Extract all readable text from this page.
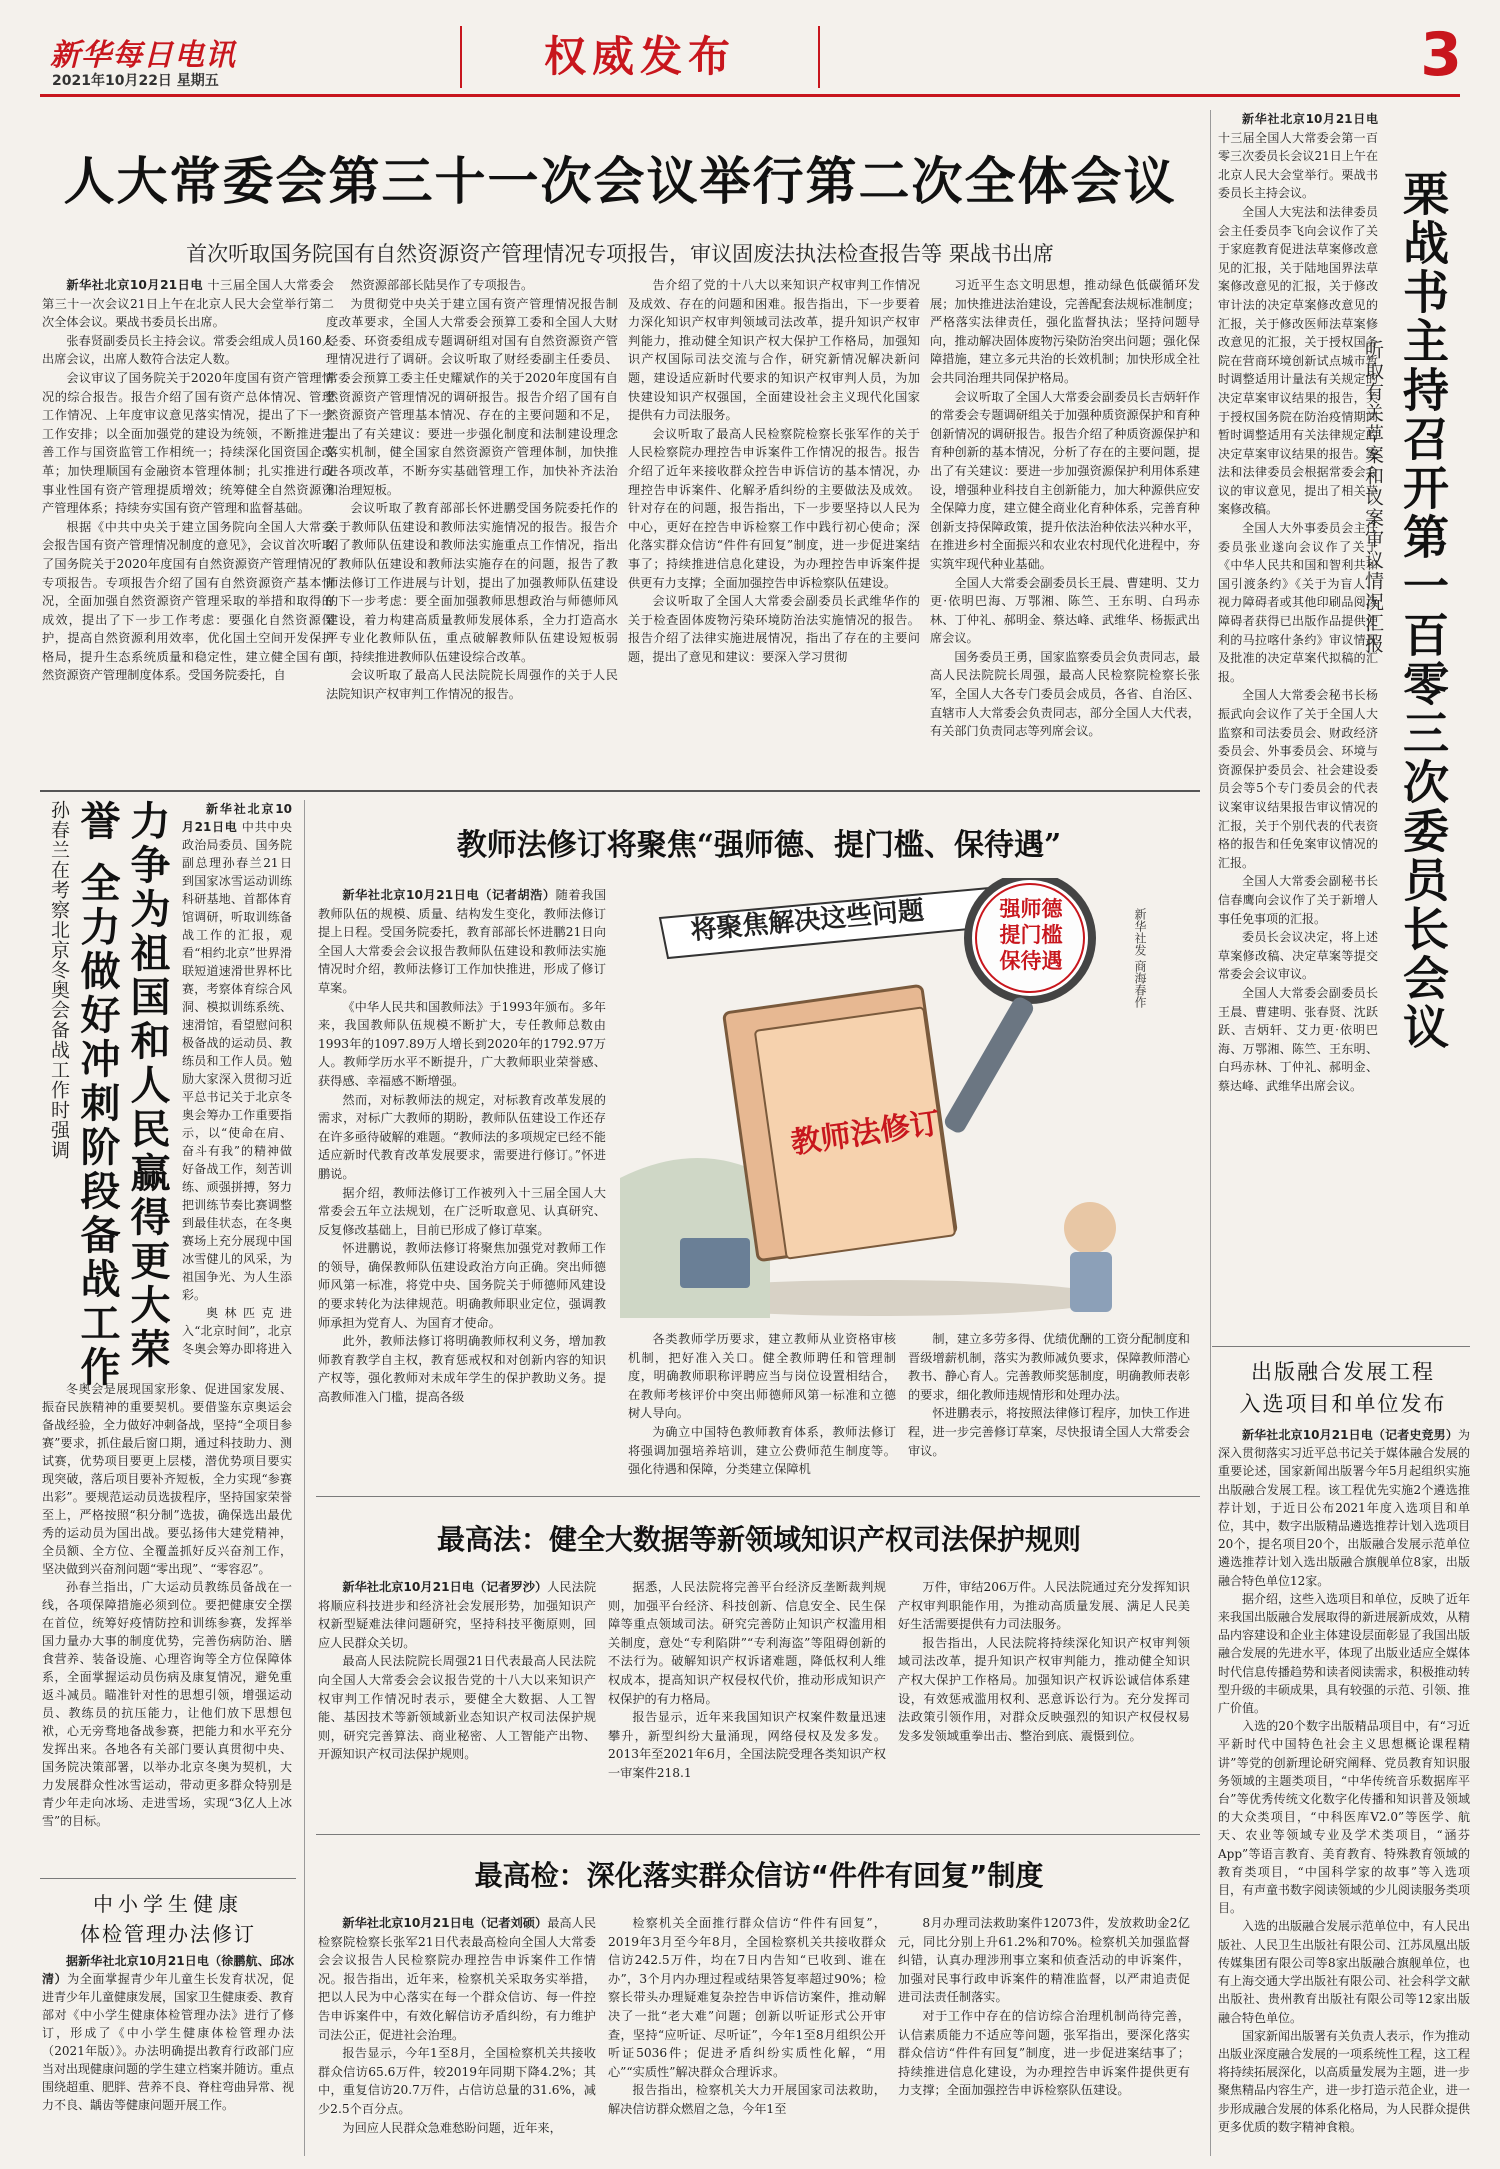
新华每日电讯
2021年10月22日 星期五	权威发布	3
人大常委会第三十一次会议举行第二次全体会议
首次听取国务院国有自然资源资产管理情况专项报告，审议固废法执法检查报告等 栗战书出席

新华社北京10月21日电 十三届全国人大常委会第三十一次会议21日上午在北京人民大会堂举行第二次全体会议。栗战书委员长出席。

张春贤副委员长主持会议。常委会组成人员160人出席会议，出席人数符合法定人数。

会议审议了国务院关于2020年度国有资产管理情况的综合报告。报告介绍了国有资产总体情况、管理工作情况、上年度审议意见落实情况，提出了下一步工作安排；以全面加强党的建设为统领，不断推进完善工作与国资监管工作相统一；持续深化国资国企改革；加快理顺国有金融资本管理体制；扎实推进行政事业性国有资产管理提质增效；统筹健全自然资源资产管理体系；持续夯实国有资产管理和监督基础。

根据《中共中央关于建立国务院向全国人大常委会报告国有资产管理情况制度的意见》，会议首次听取了国务院关于2020年度国有自然资源资产管理情况的专项报告。专项报告介绍了国有自然资源资产基本情况，全面加强自然资源资产管理采取的举措和取得的成效，提出了下一步工作考虑：要强化自然资源保护，提高自然资源利用效率，优化国土空间开发保护格局，提升生态系统质量和稳定性，建立健全国有自然资源资产管理制度体系。受国务院委托，自

然资源部部长陆昊作了专项报告。

为贯彻党中央关于建立国有资产管理情况报告制度改革要求，全国人大常委会预算工委和全国人大财经委、环资委组成专题调研组对国有自然资源资产管理情况进行了调研。会议听取了财经委副主任委员、常委会预算工委主任史耀斌作的关于2020年度国有自然资源资产管理情况的调研报告。报告介绍了国有自然资源资产管理基本情况、存在的主要问题和不足，提出了有关建议：要进一步强化制度和法制建设理念落实机制，健全国家自然资源资产管理体制，加快推进各项改革，不断夯实基础管理工作，加快补齐法治和治理短板。

会议听取了教育部部长怀进鹏受国务院委托作的关于教师队伍建设和教师法实施情况的报告。报告介绍了教师队伍建设和教师法实施重点工作情况，指出了教师队伍建设和教师法实施存在的问题，报告了教师法修订工作进展与计划，提出了加强教师队伍建设的下一步考虑：要全面加强教师思想政治与师德师风建设，着力构建高质量教师发展体系，全力打造高水平专业化教师队伍，重点破解教师队伍建设短板弱项，持续推进教师队伍建设综合改革。

会议听取了最高人民法院院长周强作的关于人民法院知识产权审判工作情况的报告。

告介绍了党的十八大以来知识产权审判工作情况及成效、存在的问题和困难。报告指出，下一步要着力深化知识产权审判领域司法改革，提升知识产权审判能力，推动健全知识产权大保护工作格局，加强知识产权国际司法交流与合作，研究新情况解决新问题，建设适应新时代要求的知识产权审判人员，为加快建设知识产权强国，全面建设社会主义现代化国家提供有力司法服务。

会议听取了最高人民检察院检察长张军作的关于人民检察院办理控告申诉案件工作情况的报告。报告介绍了近年来接收群众控告申诉信访的基本情况，办理控告申诉案件、化解矛盾纠纷的主要做法及成效。针对存在的问题，报告指出，下一步要坚持以人民为中心，更好在控告申诉检察工作中践行初心使命；深化落实群众信访“件件有回复”制度，进一步促进案结事了；持续推进信息化建设，为办理控告申诉案件提供更有力支撑；全面加强控告申诉检察队伍建设。

会议听取了全国人大常委会副委员长武维华作的关于检查固体废物污染环境防治法实施情况的报告。报告介绍了法律实施进展情况，指出了存在的主要问题，提出了意见和建议：要深入学习贯彻

习近平生态文明思想，推动绿色低碳循环发展；加快推进法治建设，完善配套法规标准制度；严格落实法律责任，强化监督执法；坚持问题导向，推动解决固体废物污染防治突出问题；强化保障措施，建立多元共治的长效机制；加快形成全社会共同治理共同保护格局。

会议听取了全国人大常委会副委员长吉炳轩作的常委会专题调研组关于加强种质资源保护和育种创新情况的调研报告。报告介绍了种质资源保护和育种创新的基本情况，分析了存在的主要问题，提出了有关建议：要进一步加强资源保护利用体系建设，增强种业科技自主创新能力，加大种源供应安全保障力度，建立健全商业化育种体系，完善育种创新支持保障政策，提升依法治种依法兴种水平，在推进乡村全面振兴和农业农村现代化进程中，夯实筑牢现代种业基础。

全国人大常委会副委员长王晨、曹建明、艾力更·依明巴海、万鄂湘、陈竺、王东明、白玛赤林、丁仲礼、郝明金、蔡达峰、武维华、杨振武出席会议。

国务委员王勇，国家监察委员会负责同志，最高人民法院院长周强，最高人民检察院检察长张军，全国人大各专门委员会成员，各省、自治区、直辖市人大常委会负责同志，部分全国人大代表，有关部门负责同志等列席会议。

新华社北京10月21日电 十三届全国人大常委会第一百零三次委员长会议21日上午在北京人民大会堂举行。栗战书委员长主持会议。

全国人大宪法和法律委员会主任委员李飞向会议作了关于家庭教育促进法草案修改意见的汇报，关于陆地国界法草案修改意见的汇报，关于修改审计法的决定草案修改意见的汇报，关于修改医师法草案修改意见的汇报，关于授权国务院在营商环境创新试点城市暂时调整适用计量法有关规定的决定草案审议结果的报告，关于授权国务院在防治疫情期间暂时调整适用有关法律规定的决定草案审议结果的报告。宪法和法律委员会根据常委会会议的审议意见，提出了相关草案修改稿。

全国人大外事委员会主任委员张业遂向会议作了关于《中华人民共和国和智利共和国引渡条约》《关于为盲人、视力障碍者或其他印刷品阅读障碍者获得已出版作品提供便利的马拉喀什条约》审议情况及批准的决定草案代拟稿的汇报。

全国人大常委会秘书长杨振武向会议作了关于全国人大监察和司法委员会、财政经济委员会、外事委员会、环境与资源保护委员会、社会建设委员会等5个专门委员会的代表议案审议结果报告审议情况的汇报，关于个别代表的代表资格的报告和任免案审议情况的汇报。

全国人大常委会副秘书长信春鹰向会议作了关于新增人事任免事项的汇报。

委员长会议决定，将上述草案修改稿、决定草案等提交常委会会议审议。

全国人大常委会副委员长王晨、曹建明、张春贤、沈跃跃、吉炳轩、艾力更·依明巴海、万鄂湘、陈竺、王东明、白玛赤林、丁仲礼、郝明金、蔡达峰、武维华出席会议。

栗战书主持召开第一百零三次委员长会议
听取有关草案和议案审议情况汇报
孙春兰在考察北京冬奥会备战工作时强调	力争为祖国和人民赢得更大荣誉 全力做好冲刺阶段备战工作	新华社北京10月21日电 中共中央政治局委员、国务院副总理孙春兰21日到国家冰雪运动训练科研基地、首都体育馆调研，听取训练备战工作的汇报，观看“相约北京”世界滑联短道速滑世界杯比赛，考察体育综合风洞、模拟训练系统、速滑馆，看望慰问积极备战的运动员、教练员和工作人员。勉励大家深入贯彻习近平总书记关于北京冬奥会筹办工作重要指示，以“使命在肩、奋斗有我”的精神做好备战工作，刻苦训练、顽强拼搏，努力把训练节奏比赛调整到最佳状态，在冬奥赛场上充分展现中国冰雪健儿的风采，为祖国争光、为人生添彩。

奥林匹克进入“北京时间”，北京冬奥会筹办即将进入

冬奥会是展现国家形象、促进国家发展、振奋民族精神的重要契机。要借鉴东京奥运会备战经验，全力做好冲刺备战，坚持“全项目参赛”要求，抓住最后窗口期，通过科技助力、测试赛，优势项目要更上层楼，潜优势项目要实现突破，落后项目要补齐短板，全力实现“参赛出彩”。要规范运动员选拔程序，坚持国家荣誉至上，严格按照“积分制”选拔，确保选出最优秀的运动员为国出战。要弘扬伟大建党精神，全员额、全方位、全覆盖抓好反兴奋剂工作，坚决做到兴奋剂问题“零出现”、“零容忍”。

孙春兰指出，广大运动员教练员备战在一线，各项保障措施必须到位。要把健康安全摆在首位，统筹好疫情防控和训练参赛，发挥举国力量办大事的制度优势，完善伤病防治、膳食营养、装备设施、心理咨询等全方位保障体系，全面掌握运动员伤病及康复情况，避免重返斗减员。瞄准针对性的思想引领，增强运动员、教练员的抗压能力，让他们放下思想包袱，心无旁骛地备战参赛，把能力和水平充分发挥出来。各地各有关部门要认真贯彻中央、国务院决策部署，以举办北京冬奥为契机，大力发展群众性冰雪运动，带动更多群众特别是青少年走向冰场、走进雪场，实现“3亿人上冰雪”的目标。

中小学生健康
体检管理办法修订

据新华社北京10月21日电（徐鹏航、邱冰清）为全面掌握青少年儿童生长发育状况，促进青少年儿童健康发展，国家卫生健康委、教育部对《中小学生健康体检管理办法》进行了修订，形成了《中小学生健康体检管理办法（2021年版）》。办法明确提出教育行政部门应当对出现健康问题的学生建立档案并随访。重点围绕超重、肥胖、营养不良、脊柱弯曲异常、视力不良、龋齿等健康问题开展工作。

教师法修订将聚焦“强师德、提门槛、保待遇”

新华社北京10月21日电（记者胡浩）随着我国教师队伍的规模、质量、结构发生变化，教师法修订提上日程。受国务院委托，教育部部长怀进鹏21日向全国人大常委会会议报告教师队伍建设和教师法实施情况时介绍，教师法修订工作加快推进，形成了修订草案。

《中华人民共和国教师法》于1993年颁布。多年来，我国教师队伍规模不断扩大，专任教师总数由1993年的1097.89万人增长到2020年的1792.97万人。教师学历水平不断提升，广大教师职业荣誉感、获得感、幸福感不断增强。

然而，对标教师法的规定，对标教育改革发展的需求，对标广大教师的期盼，教师队伍建设工作还存在许多亟待破解的难题。“教师法的多项规定已经不能适应新时代教育改革发展要求，需要进行修订。”怀进鹏说。

据介绍，教师法修订工作被列入十三届全国人大常委会五年立法规划，在广泛听取意见、认真研究、反复修改基础上，目前已形成了修订草案。

怀进鹏说，教师法修订将聚焦加强党对教师工作的领导，确保教师队伍建设政治方向正确。突出师德师风第一标准，将党中央、国务院关于师德师风建设的要求转化为法律规范。明确教师职业定位，强调教师承担为党育人、为国育才使命。

此外，教师法修订将明确教师权利义务，增加教师教育教学自主权，教育惩戒权和对创新内容的知识产权等，强化教师对未成年学生的保护教助义务。提高教师准入门槛，提高各级

将聚焦解决这些问题	强师德 提门槛 保待遇
教师法修订
新华社发 商海春作

各类教师学历要求，建立教师从业资格审核机制，把好准入关口。健全教师聘任和管理制度，明确教师职称评聘应当与岗位设置相结合，在教师考核评价中突出师德师风第一标准和立德树人导向。

为确立中国特色教师教育体系，教师法修订将强调加强培养培训，建立公费师范生制度等。强化待遇和保障，分类建立保障机

制，建立多劳多得、优绩优酬的工资分配制度和晋级增薪机制，落实为教师减负要求，保障教师潜心教书、静心育人。完善教师奖惩制度，明确教师表彰的要求，细化教师违规情形和处理办法。

怀进鹏表示，将按照法律修订程序，加快工作进程，进一步完善修订草案，尽快报请全国人大常委会审议。

最高法：健全大数据等新领域知识产权司法保护规则

新华社北京10月21日电（记者罗沙）人民法院将顺应科技进步和经济社会发展形势，加强知识产权新型疑难法律问题研究，坚持科技平衡原则，回应人民群众关切。

最高人民法院院长周强21日代表最高人民法院向全国人大常委会会议报告党的十八大以来知识产权审判工作情况时表示，要健全大数据、人工智能、基因技术等新领域新业态知识产权司法保护规则，研究完善算法、商业秘密、人工智能产出物、开源知识产权司法保护规则。

据悉，人民法院将完善平台经济反垄断裁判规则，加强平台经济、科技创新、信息安全、民生保障等重点领域司法。研究完善防止知识产权滥用相关制度，意处“专利陷阱”“专利海盗”等阻碍创新的不法行为。破解知识产权诉诸难题，降低权利人维权成本，提高知识产权侵权代价，推动形成知识产权保护的有力格局。

报告显示，近年来我国知识产权案件数量迅速攀升，新型纠纷大量涌现，网络侵权及发多发。2013年至2021年6月，全国法院受理各类知识产权一审案件218.1

万件，审结206万件。人民法院通过充分发挥知识产权审判职能作用，为推动高质量发展、满足人民美好生活需要提供有力司法服务。

报告指出，人民法院将持续深化知识产权审判领域司法改革，提升知识产权审判能力，推动健全知识产权大保护工作格局。加强知识产权诉讼诚信体系建设，有效惩戒滥用权利、恶意诉讼行为。充分发挥司法政策引领作用，对群众反映强烈的知识产权侵权易发多发领域重拳出击、整治到底、震慑到位。

最高检：深化落实群众信访“件件有回复”制度

新华社北京10月21日电（记者刘硕）最高人民检察院检察长张军21日代表最高检向全国人大常委会会议报告人民检察院办理控告申诉案件工作情况。报告指出，近年来，检察机关采取务实举措，把以人民为中心落实在每一个群众信访、每一件控告申诉案件中，有效化解信访矛盾纠纷，有力维护司法公正，促进社会治理。

报告显示，今年1至8月，全国检察机关共接收群众信访65.6万件，较2019年同期下降4.2%；其中，重复信访20.7万件，占信访总量的31.6%，减少2.5个百分点。

为回应人民群众急难愁盼问题，近年来，

检察机关全面推行群众信访“件件有回复”，2019年3月至今年8月，全国检察机关共接收群众信访242.5万件，均在7日内告知“已收到、谁在办”，3个月内办理过程或结果答复率超过90%；检察长带头办理疑难复杂控告申诉信访案件，推动解决了一批“老大难”问题；创新以听证形式公开审查，坚持“应听证、尽听证”，今年1至8月组织公开听证5036件；促进矛盾纠纷实质性化解，“用心”“实质性”解决群众合理诉求。

报告指出，检察机关大力开展国家司法救助，解决信访群众燃眉之急，今年1至

8月办理司法救助案件12073件，发放救助金2亿元，同比分别上升61.2%和70%。检察机关加强监督纠错，认真办理涉刑事立案和侦查活动的申诉案件，加强对民事行政申诉案件的精准监督，以严肃追责促进司法责任制落实。

对于工作中存在的信访综合治理机制尚待完善，认信素质能力不适应等问题，张军指出，要深化落实群众信访“件件有回复”制度，进一步促进案结事了；持续推进信息化建设，为办理控告申诉案件提供更有力支撑；全面加强控告申诉检察队伍建设。

出版融合发展工程
入选项目和单位发布

新华社北京10月21日电（记者史竞男）为深入贯彻落实习近平总书记关于媒体融合发展的重要论述，国家新闻出版署今年5月起组织实施出版融合发展工程。该工程优先实施2个遴选推荐计划，于近日公布2021年度入选项目和单位，其中，数字出版精品遴选推荐计划入选项目20个，提名项目20个，出版融合发展示范单位遴选推荐计划入选出版融合旗舰单位8家，出版融合特色单位12家。

据介绍，这些入选项目和单位，反映了近年来我国出版融合发展取得的新进展新成效，从精品内容建设和企业主体建设层面彰显了我国出版融合发展的先进水平，体现了出版业适应全媒体时代信息传播趋势和读者阅读需求，积极推动转型升级的丰硕成果，具有较强的示范、引领、推广价值。

入选的20个数字出版精品项目中，有“习近平新时代中国特色社会主义思想概论课程精讲”等党的创新理论研究阐释、党员教育知识服务领域的主题类项目，“中华传统音乐数据库平台”等优秀传统文化数字化传播和知识普及领域的大众类项目，“中科医库V2.0”等医学、航天、农业等领域专业及学术类项目，“涵芬App”等语言教育、美育教育、特殊教育领域的教育类项目，“中国科学家的故事”等入选项目，有声童书数字阅读领域的少儿阅读服务类项目。

入选的出版融合发展示范单位中，有人民出版社、人民卫生出版社有限公司、江苏凤凰出版传媒集团有限公司等8家出版融合旗舰单位，也有上海交通大学出版社有限公司、社会科学文献出版社、贵州教育出版社有限公司等12家出版融合特色单位。

国家新闻出版署有关负责人表示，作为推动出版业深度融合发展的一项系统性工程，这工程将持续拓展深化，以高质量发展为主题，进一步聚焦精品内容生产，进一步打造示范企业，进一步形成融合发展的体系化格局，为人民群众提供更多优质的数字精神食粮。
